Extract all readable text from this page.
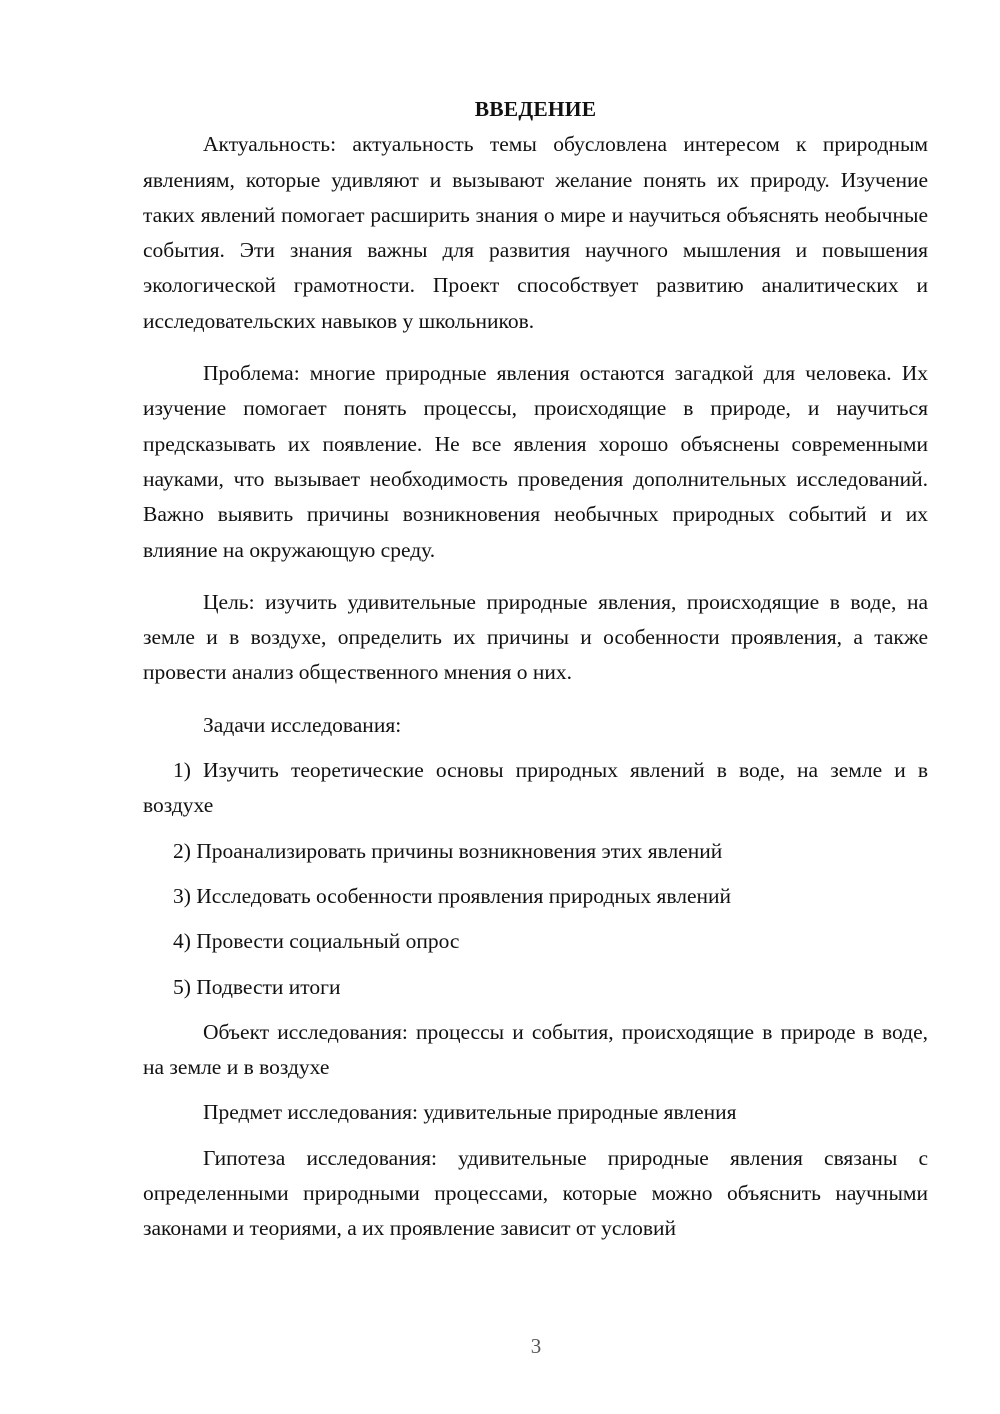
ВВЕДЕНИЕ

Актуальность: актуальность темы обусловлена интересом к природным явлениям, которые удивляют и вызывают желание понять их природу. Изучение таких явлений помогает расширить знания о мире и научиться объяснять необычные события. Эти знания важны для развития научного мышления и повышения экологической грамотности. Проект способствует развитию аналитических и исследовательских навыков у школьников.

Проблема: многие природные явления остаются загадкой для человека. Их изучение помогает понять процессы, происходящие в природе, и научиться предсказывать их появление. Не все явления хорошо объяснены современными науками, что вызывает необходимость проведения дополнительных исследований. Важно выявить причины возникновения необычных природных событий и их влияние на окружающую среду.

Цель: изучить удивительные природные явления, происходящие в воде, на земле и в воздухе, определить их причины и особенности проявления, а также провести анализ общественного мнения о них.

Задачи исследования:

1) Изучить теоретические основы природных явлений в воде, на земле и в воздухе

2) Проанализировать причины возникновения этих явлений

3) Исследовать особенности проявления природных явлений

4) Провести социальный опрос

5) Подвести итоги

Объект исследования: процессы и события, происходящие в природе в воде, на земле и в воздухе

Предмет исследования: удивительные природные явления

Гипотеза исследования: удивительные природные явления связаны с определенными природными процессами, которые можно объяснить научными законами и теориями, а их проявление зависит от условий

3
